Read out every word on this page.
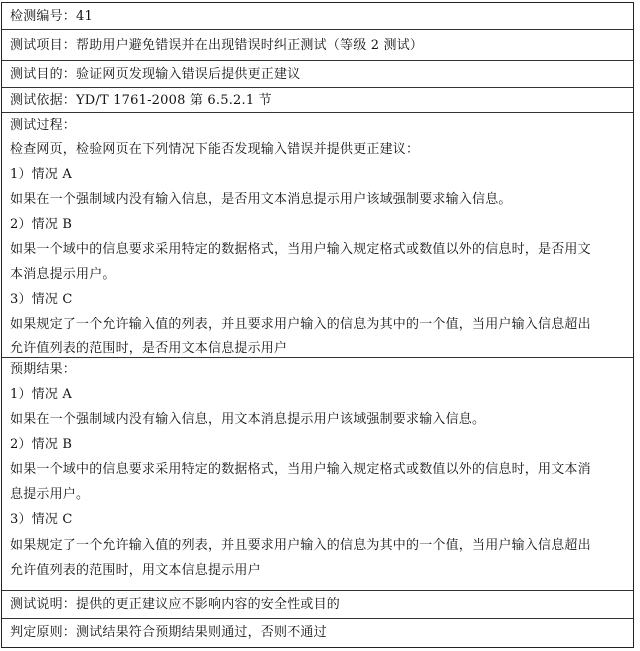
检测编号：41
测试项目：帮助用户避免错误并在出现错误时纠正测试（等级 2 测试）
测试目的：验证网页发现输入错误后提供更正建议
测试依据：YD/T 1761-2008 第 6.5.2.1 节
测试过程：
检查网页，检验网页在下列情况下能否发现输入错误并提供更正建议：
1）情况 A
如果在一个强制域内没有输入信息，是否用文本消息提示用户该域强制要求输入信息。
2）情况 B
如果一个域中的信息要求采用特定的数据格式，当用户输入规定格式或数值以外的信息时，是否用文
本消息提示用户。
3）情况 C
如果规定了一个允许输入值的列表，并且要求用户输入的信息为其中的一个值，当用户输入信息超出
允许值列表的范围时，是否用文本信息提示用户
预期结果：
1）情况 A
如果在一个强制域内没有输入信息，用文本消息提示用户该域强制要求输入信息。
2）情况 B
如果一个域中的信息要求采用特定的数据格式，当用户输入规定格式或数值以外的信息时，用文本消
息提示用户。
3）情况 C
如果规定了一个允许输入值的列表，并且要求用户输入的信息为其中的一个值，当用户输入信息超出
允许值列表的范围时，用文本信息提示用户
测试说明：提供的更正建议应不影响内容的安全性或目的
判定原则：测试结果符合预期结果则通过，否则不通过
